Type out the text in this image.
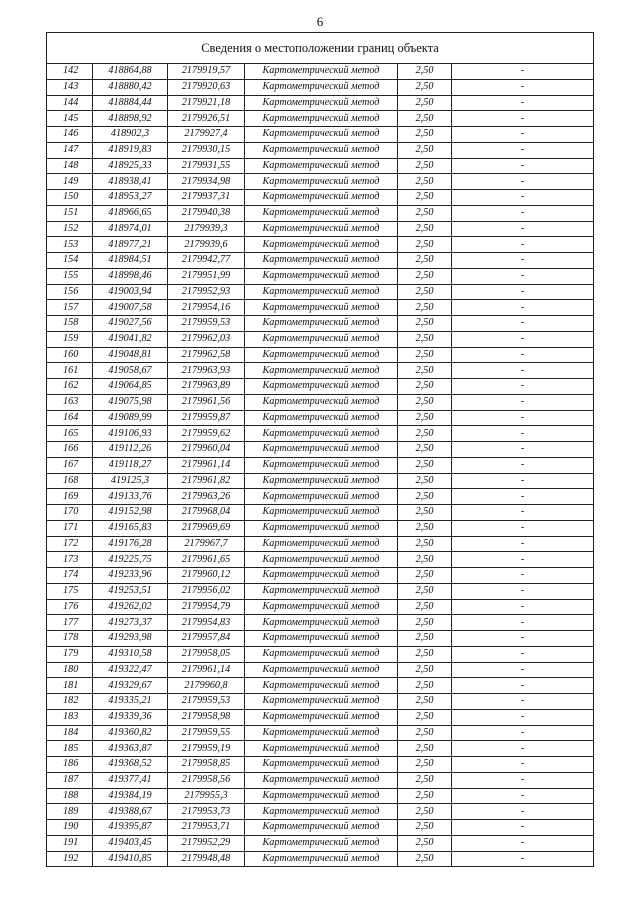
6
Сведения о местоположении границ объекта					
142	418864,88	2179919,57	Картометрический метод	2,50	-
143	418880,42	2179920,63	Картометрический метод	2,50	-
144	418884,44	2179921,18	Картометрический метод	2,50	-
145	418898,92	2179926,51	Картометрический метод	2,50	-
146	418902,3	2179927,4	Картометрический метод	2,50	-
147	418919,83	2179930,15	Картометрический метод	2,50	-
148	418925,33	2179931,55	Картометрический метод	2,50	-
149	418938,41	2179934,98	Картометрический метод	2,50	-
150	418953,27	2179937,31	Картометрический метод	2,50	-
151	418966,65	2179940,38	Картометрический метод	2,50	-
152	418974,01	2179939,3	Картометрический метод	2,50	-
153	418977,21	2179939,6	Картометрический метод	2,50	-
154	418984,51	2179942,77	Картометрический метод	2,50	-
155	418998,46	2179951,99	Картометрический метод	2,50	-
156	419003,94	2179952,93	Картометрический метод	2,50	-
157	419007,58	2179954,16	Картометрический метод	2,50	-
158	419027,56	2179959,53	Картометрический метод	2,50	-
159	419041,82	2179962,03	Картометрический метод	2,50	-
160	419048,81	2179962,58	Картометрический метод	2,50	-
161	419058,67	2179963,93	Картометрический метод	2,50	-
162	419064,85	2179963,89	Картометрический метод	2,50	-
163	419075,98	2179961,56	Картометрический метод	2,50	-
164	419089,99	2179959,87	Картометрический метод	2,50	-
165	419106,93	2179959,62	Картометрический метод	2,50	-
166	419112,26	2179960,04	Картометрический метод	2,50	-
167	419118,27	2179961,14	Картометрический метод	2,50	-
168	419125,3	2179961,82	Картометрический метод	2,50	-
169	419133,76	2179963,26	Картометрический метод	2,50	-
170	419152,98	2179968,04	Картометрический метод	2,50	-
171	419165,83	2179969,69	Картометрический метод	2,50	-
172	419176,28	2179967,7	Картометрический метод	2,50	-
173	419225,75	2179961,65	Картометрический метод	2,50	-
174	419233,96	2179960,12	Картометрический метод	2,50	-
175	419253,51	2179956,02	Картометрический метод	2,50	-
176	419262,02	2179954,79	Картометрический метод	2,50	-
177	419273,37	2179954,83	Картометрический метод	2,50	-
178	419293,98	2179957,84	Картометрический метод	2,50	-
179	419310,58	2179958,05	Картометрический метод	2,50	-
180	419322,47	2179961,14	Картометрический метод	2,50	-
181	419329,67	2179960,8	Картометрический метод	2,50	-
182	419335,21	2179959,53	Картометрический метод	2,50	-
183	419339,36	2179958,98	Картометрический метод	2,50	-
184	419360,82	2179959,55	Картометрический метод	2,50	-
185	419363,87	2179959,19	Картометрический метод	2,50	-
186	419368,52	2179958,85	Картометрический метод	2,50	-
187	419377,41	2179958,56	Картометрический метод	2,50	-
188	419384,19	2179955,3	Картометрический метод	2,50	-
189	419388,67	2179953,73	Картометрический метод	2,50	-
190	419395,87	2179953,71	Картометрический метод	2,50	-
191	419403,45	2179952,29	Картометрический метод	2,50	-
192	419410,85	2179948,48	Картометрический метод	2,50	-
